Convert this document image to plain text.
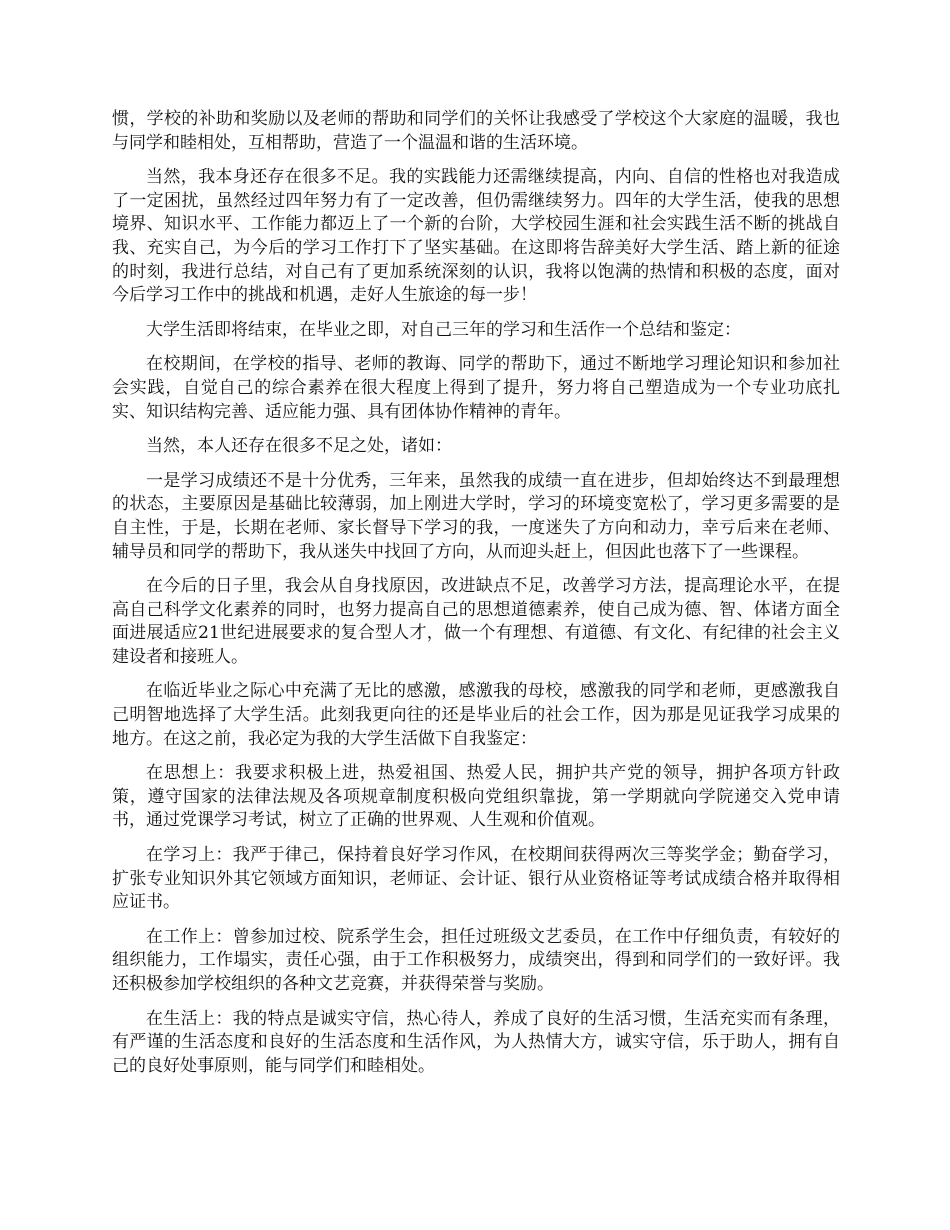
惯，学校的补助和奖励以及老师的帮助和同学们的关怀让我感受了学校这个大家庭的温暖，我也与同学和睦相处，互相帮助，营造了一个温温和谐的生活环境。

当然，我本身还存在很多不足。我的实践能力还需继续提高，内向、自信的性格也对我造成了一定困扰，虽然经过四年努力有了一定改善，但仍需继续努力。四年的大学生活，使我的思想境界、知识水平、工作能力都迈上了一个新的台阶，大学校园生涯和社会实践生活不断的挑战自我、充实自己，为今后的学习工作打下了坚实基础。在这即将告辞美好大学生活、踏上新的征途的时刻，我进行总结，对自己有了更加系统深刻的认识，我将以饱满的热情和积极的态度，面对今后学习工作中的挑战和机遇，走好人生旅途的每一步！

大学生活即将结束，在毕业之即，对自己三年的学习和生活作一个总结和鉴定：

在校期间，在学校的指导、老师的教诲、同学的帮助下，通过不断地学习理论知识和参加社会实践，自觉自己的综合素养在很大程度上得到了提升，努力将自己塑造成为一个专业功底扎实、知识结构完善、适应能力强、具有团体协作精神的青年。

当然，本人还存在很多不足之处，诸如：

一是学习成绩还不是十分优秀，三年来，虽然我的成绩一直在进步，但却始终达不到最理想的状态，主要原因是基础比较薄弱，加上刚进大学时，学习的环境变宽松了，学习更多需要的是自主性，于是，长期在老师、家长督导下学习的我，一度迷失了方向和动力，幸亏后来在老师、辅导员和同学的帮助下，我从迷失中找回了方向，从而迎头赶上，但因此也落下了一些课程。

在今后的日子里，我会从自身找原因，改进缺点不足，改善学习方法，提高理论水平，在提高自己科学文化素养的同时，也努力提高自己的思想道德素养，使自己成为德、智、体诸方面全面进展适应21世纪进展要求的复合型人才，做一个有理想、有道德、有文化、有纪律的社会主义建设者和接班人。

在临近毕业之际心中充满了无比的感激，感激我的母校，感激我的同学和老师，更感激我自己明智地选择了大学生活。此刻我更向往的还是毕业后的社会工作，因为那是见证我学习成果的地方。在这之前，我必定为我的大学生活做下自我鉴定：

在思想上：我要求积极上进，热爱祖国、热爱人民，拥护共产党的领导，拥护各项方针政策，遵守国家的法律法规及各项规章制度积极向党组织靠拢，第一学期就向学院递交入党申请书，通过党课学习考试，树立了正确的世界观、人生观和价值观。

在学习上：我严于律己，保持着良好学习作风，在校期间获得两次三等奖学金；勤奋学习，扩张专业知识外其它领域方面知识，老师证、会计证、银行从业资格证等考试成绩合格并取得相应证书。

在工作上：曾参加过校、院系学生会，担任过班级文艺委员，在工作中仔细负责，有较好的组织能力，工作塌实，责任心强，由于工作积极努力，成绩突出，得到和同学们的一致好评。我还积极参加学校组织的各种文艺竞赛，并获得荣誉与奖励。

在生活上：我的特点是诚实守信，热心待人，养成了良好的生活习惯，生活充实而有条理，有严谨的生活态度和良好的生活态度和生活作风，为人热情大方，诚实守信，乐于助人，拥有自己的良好处事原则，能与同学们和睦相处。
